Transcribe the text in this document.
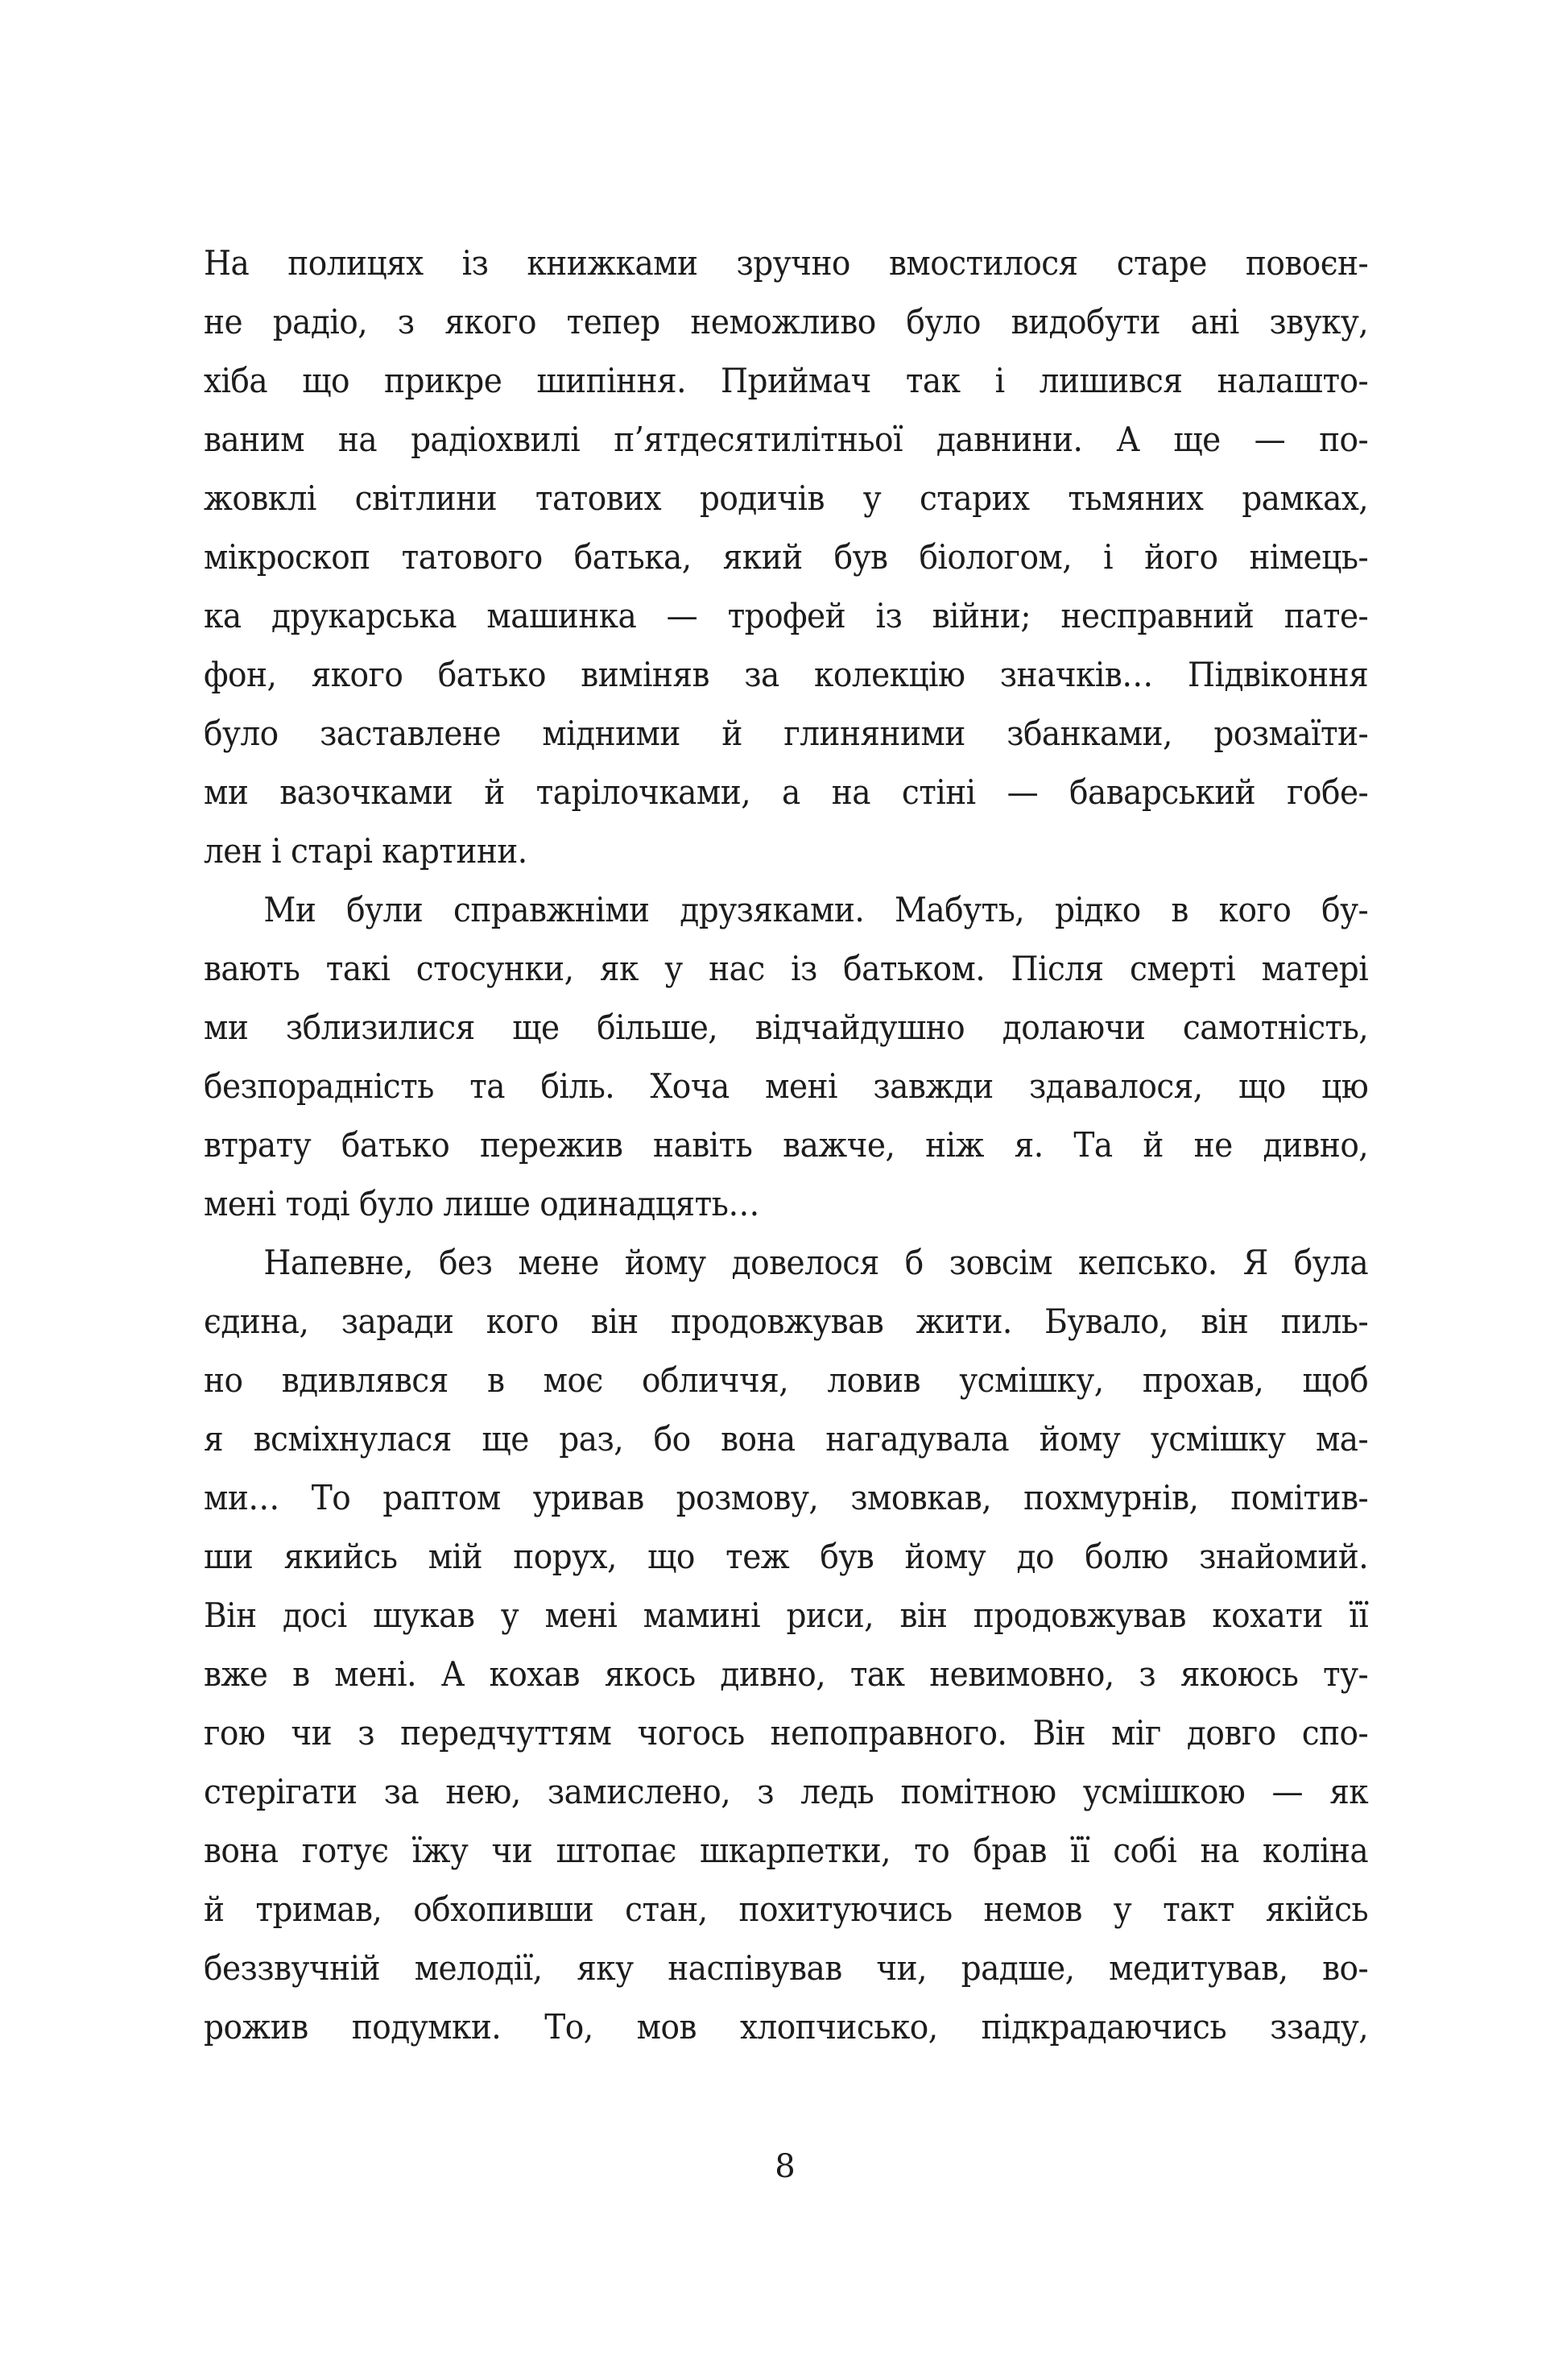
На полицях із книжками зручно вмостилося старе повоєн-
не радіо, з якого тепер неможливо було видобути ані звуку,
хіба що прикре шипіння. Приймач так і лишився налашто-
ваним на радіохвилі п’ятдесятилітньої давнини. А ще — по-
жовклі світлини татових родичів у старих тьмяних рамках,
мікроскоп татового батька, який був біологом, і його німець-
ка друкарська машинка — трофей із війни; несправний пате-
фон, якого батько виміняв за колекцію значків… Підвіконня
було заставлене мідними й глиняними збанками, розмаїти-
ми вазочками й тарілочками, а на стіні — баварський гобе-
лен і старі картини.
Ми були справжніми друзяками. Мабуть, рідко в кого бу-
вають такі стосунки, як у нас із батьком. Після смерті матері
ми зблизилися ще більше, відчайдушно долаючи самотність,
безпорадність та біль. Хоча мені завжди здавалося, що цю
втрату батько пережив навіть важче, ніж я. Та й не дивно,
мені тоді було лише одинадцять…
Напевне, без мене йому довелося б зовсім кепсько. Я була
єдина, заради кого він продовжував жити. Бувало, він пиль-
но вдивлявся в моє обличчя, ловив усмішку, прохав, щоб
я всміхнулася ще раз, бо вона нагадувала йому усмішку ма-
ми… То раптом уривав розмову, змовкав, похмурнів, помітив-
ши якийсь мій порух, що теж був йому до болю знайомий.
Він досі шукав у мені мамині риси, він продовжував кохати її
вже в мені. А кохав якось дивно, так невимовно, з якоюсь ту-
гою чи з передчуттям чогось непоправного. Він міг довго спо-
стерігати за нею, замислено, з ледь помітною усмішкою — як
вона готує їжу чи штопає шкарпетки, то брав її собі на коліна
й тримав, обхопивши стан, похитуючись немов у такт якійсь
беззвучній мелодії, яку наспівував чи, радше, медитував, во-
рожив подумки. То, мов хлопчисько, підкрадаючись ззаду,
8
